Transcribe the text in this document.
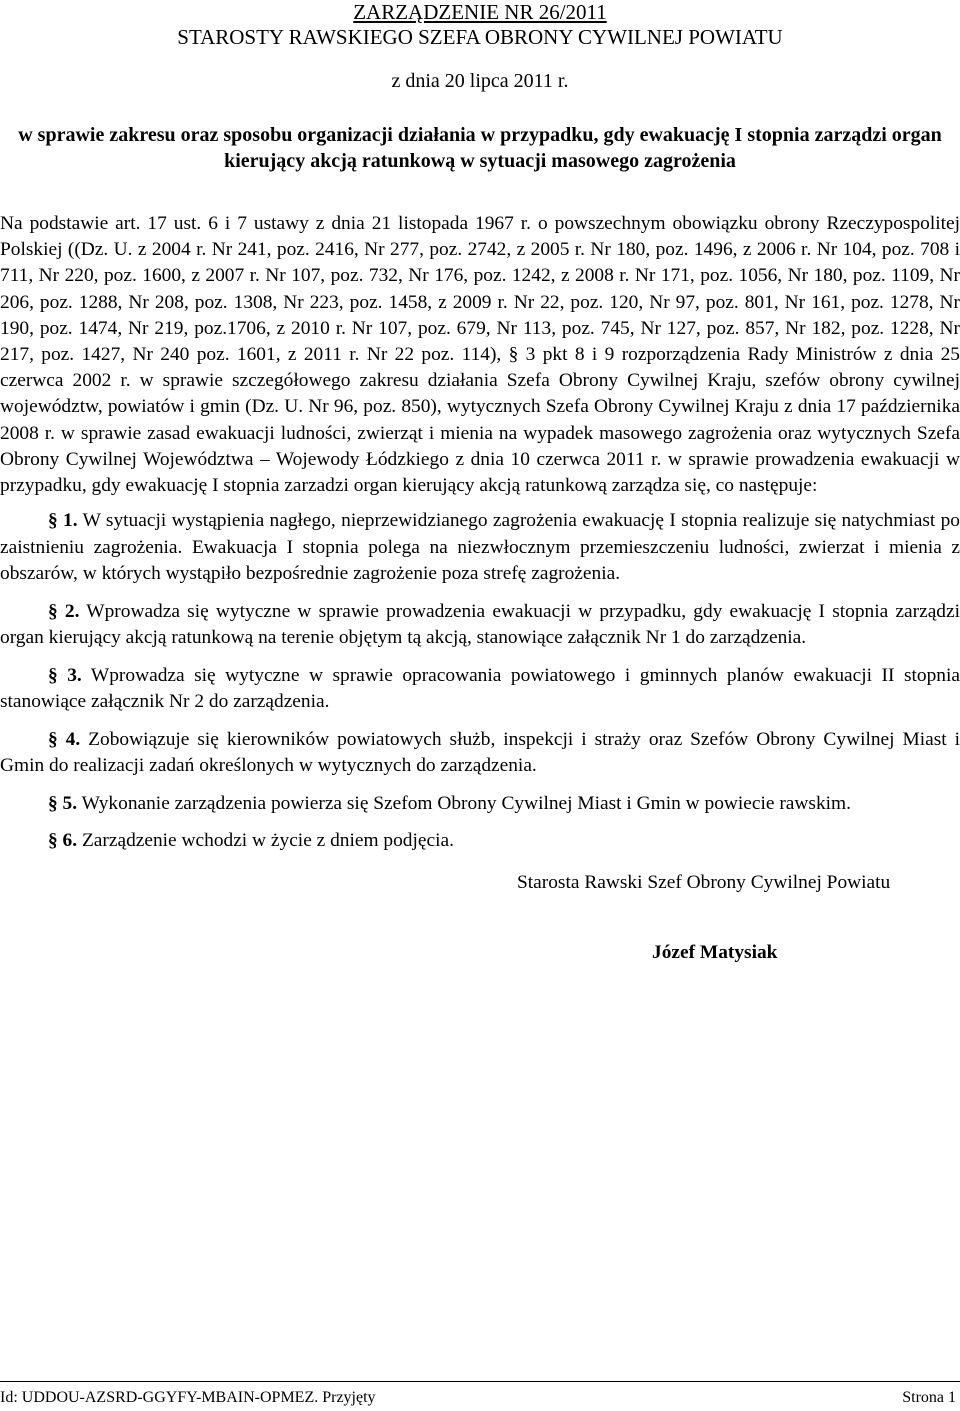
ZARZĄDZENIE NR 26/2011
STAROSTY RAWSKIEGO SZEFA OBRONY CYWILNEJ POWIATU
z dnia 20 lipca 2011 r.
w sprawie zakresu oraz sposobu organizacji działania w przypadku, gdy ewakuację I stopnia zarządzi organ kierujący akcją ratunkową w sytuacji masowego zagrożenia
Na podstawie art. 17 ust. 6 i 7 ustawy z dnia 21 listopada 1967 r. o powszechnym obowiązku obrony Rzeczypospolitej Polskiej ((Dz. U. z 2004 r. Nr 241, poz. 2416, Nr 277, poz. 2742, z 2005 r. Nr 180, poz. 1496, z 2006 r. Nr 104, poz. 708 i 711, Nr 220, poz. 1600, z 2007 r. Nr 107, poz. 732, Nr 176, poz. 1242, z 2008 r. Nr 171, poz. 1056, Nr 180, poz. 1109, Nr 206, poz. 1288, Nr 208, poz. 1308, Nr 223, poz. 1458, z 2009 r. Nr 22, poz. 120, Nr 97, poz. 801, Nr 161, poz. 1278, Nr 190, poz. 1474, Nr 219, poz.1706, z 2010 r. Nr 107, poz. 679, Nr 113, poz. 745, Nr 127, poz. 857, Nr 182, poz. 1228, Nr 217, poz. 1427, Nr 240 poz. 1601, z 2011 r. Nr 22 poz. 114), § 3 pkt 8 i 9 rozporządzenia Rady Ministrów z dnia 25 czerwca 2002 r. w sprawie szczegółowego zakresu działania Szefa Obrony Cywilnej Kraju, szefów obrony cywilnej województw, powiatów i gmin (Dz. U. Nr 96, poz. 850), wytycznych Szefa Obrony Cywilnej Kraju z dnia 17 października 2008 r. w sprawie zasad ewakuacji ludności, zwierząt i mienia na wypadek masowego zagrożenia oraz wytycznych Szefa Obrony Cywilnej Województwa – Wojewody Łódzkiego z dnia 10 czerwca 2011 r. w sprawie prowadzenia ewakuacji w przypadku, gdy ewakuację I stopnia zarzadzi organ kierujący akcją ratunkową zarządza się, co następuje:

§ 1. W sytuacji wystąpienia nagłego, nieprzewidzianego zagrożenia ewakuację I stopnia realizuje się natychmiast po zaistnieniu zagrożenia. Ewakuacja I stopnia polega na niezwłocznym przemieszczeniu ludności, zwierzat i mienia z obszarów, w których wystąpiło bezpośrednie zagrożenie poza strefę zagrożenia.

§ 2. Wprowadza się wytyczne w sprawie prowadzenia ewakuacji w przypadku, gdy ewakuację I stopnia zarządzi organ kierujący akcją ratunkową na terenie objętym tą akcją, stanowiące załącznik Nr 1 do zarządzenia.

§ 3. Wprowadza się wytyczne w sprawie opracowania powiatowego i gminnych planów ewakuacji II stopnia stanowiące załącznik Nr 2 do zarządzenia.

§ 4. Zobowiązuje się kierowników powiatowych służb, inspekcji i straży oraz Szefów Obrony Cywilnej Miast i Gmin do realizacji zadań określonych w wytycznych do zarządzenia.

§ 5. Wykonanie zarządzenia powierza się Szefom Obrony Cywilnej Miast i Gmin w powiecie rawskim.

§ 6. Zarządzenie wchodzi w życie z dniem podjęcia.

Starosta Rawski Szef Obrony Cywilnej Powiatu
Józef Matysiak
Id: UDDOU-AZSRD-GGYFY-MBAIN-OPMEZ. Przyjęty	Strona 1
